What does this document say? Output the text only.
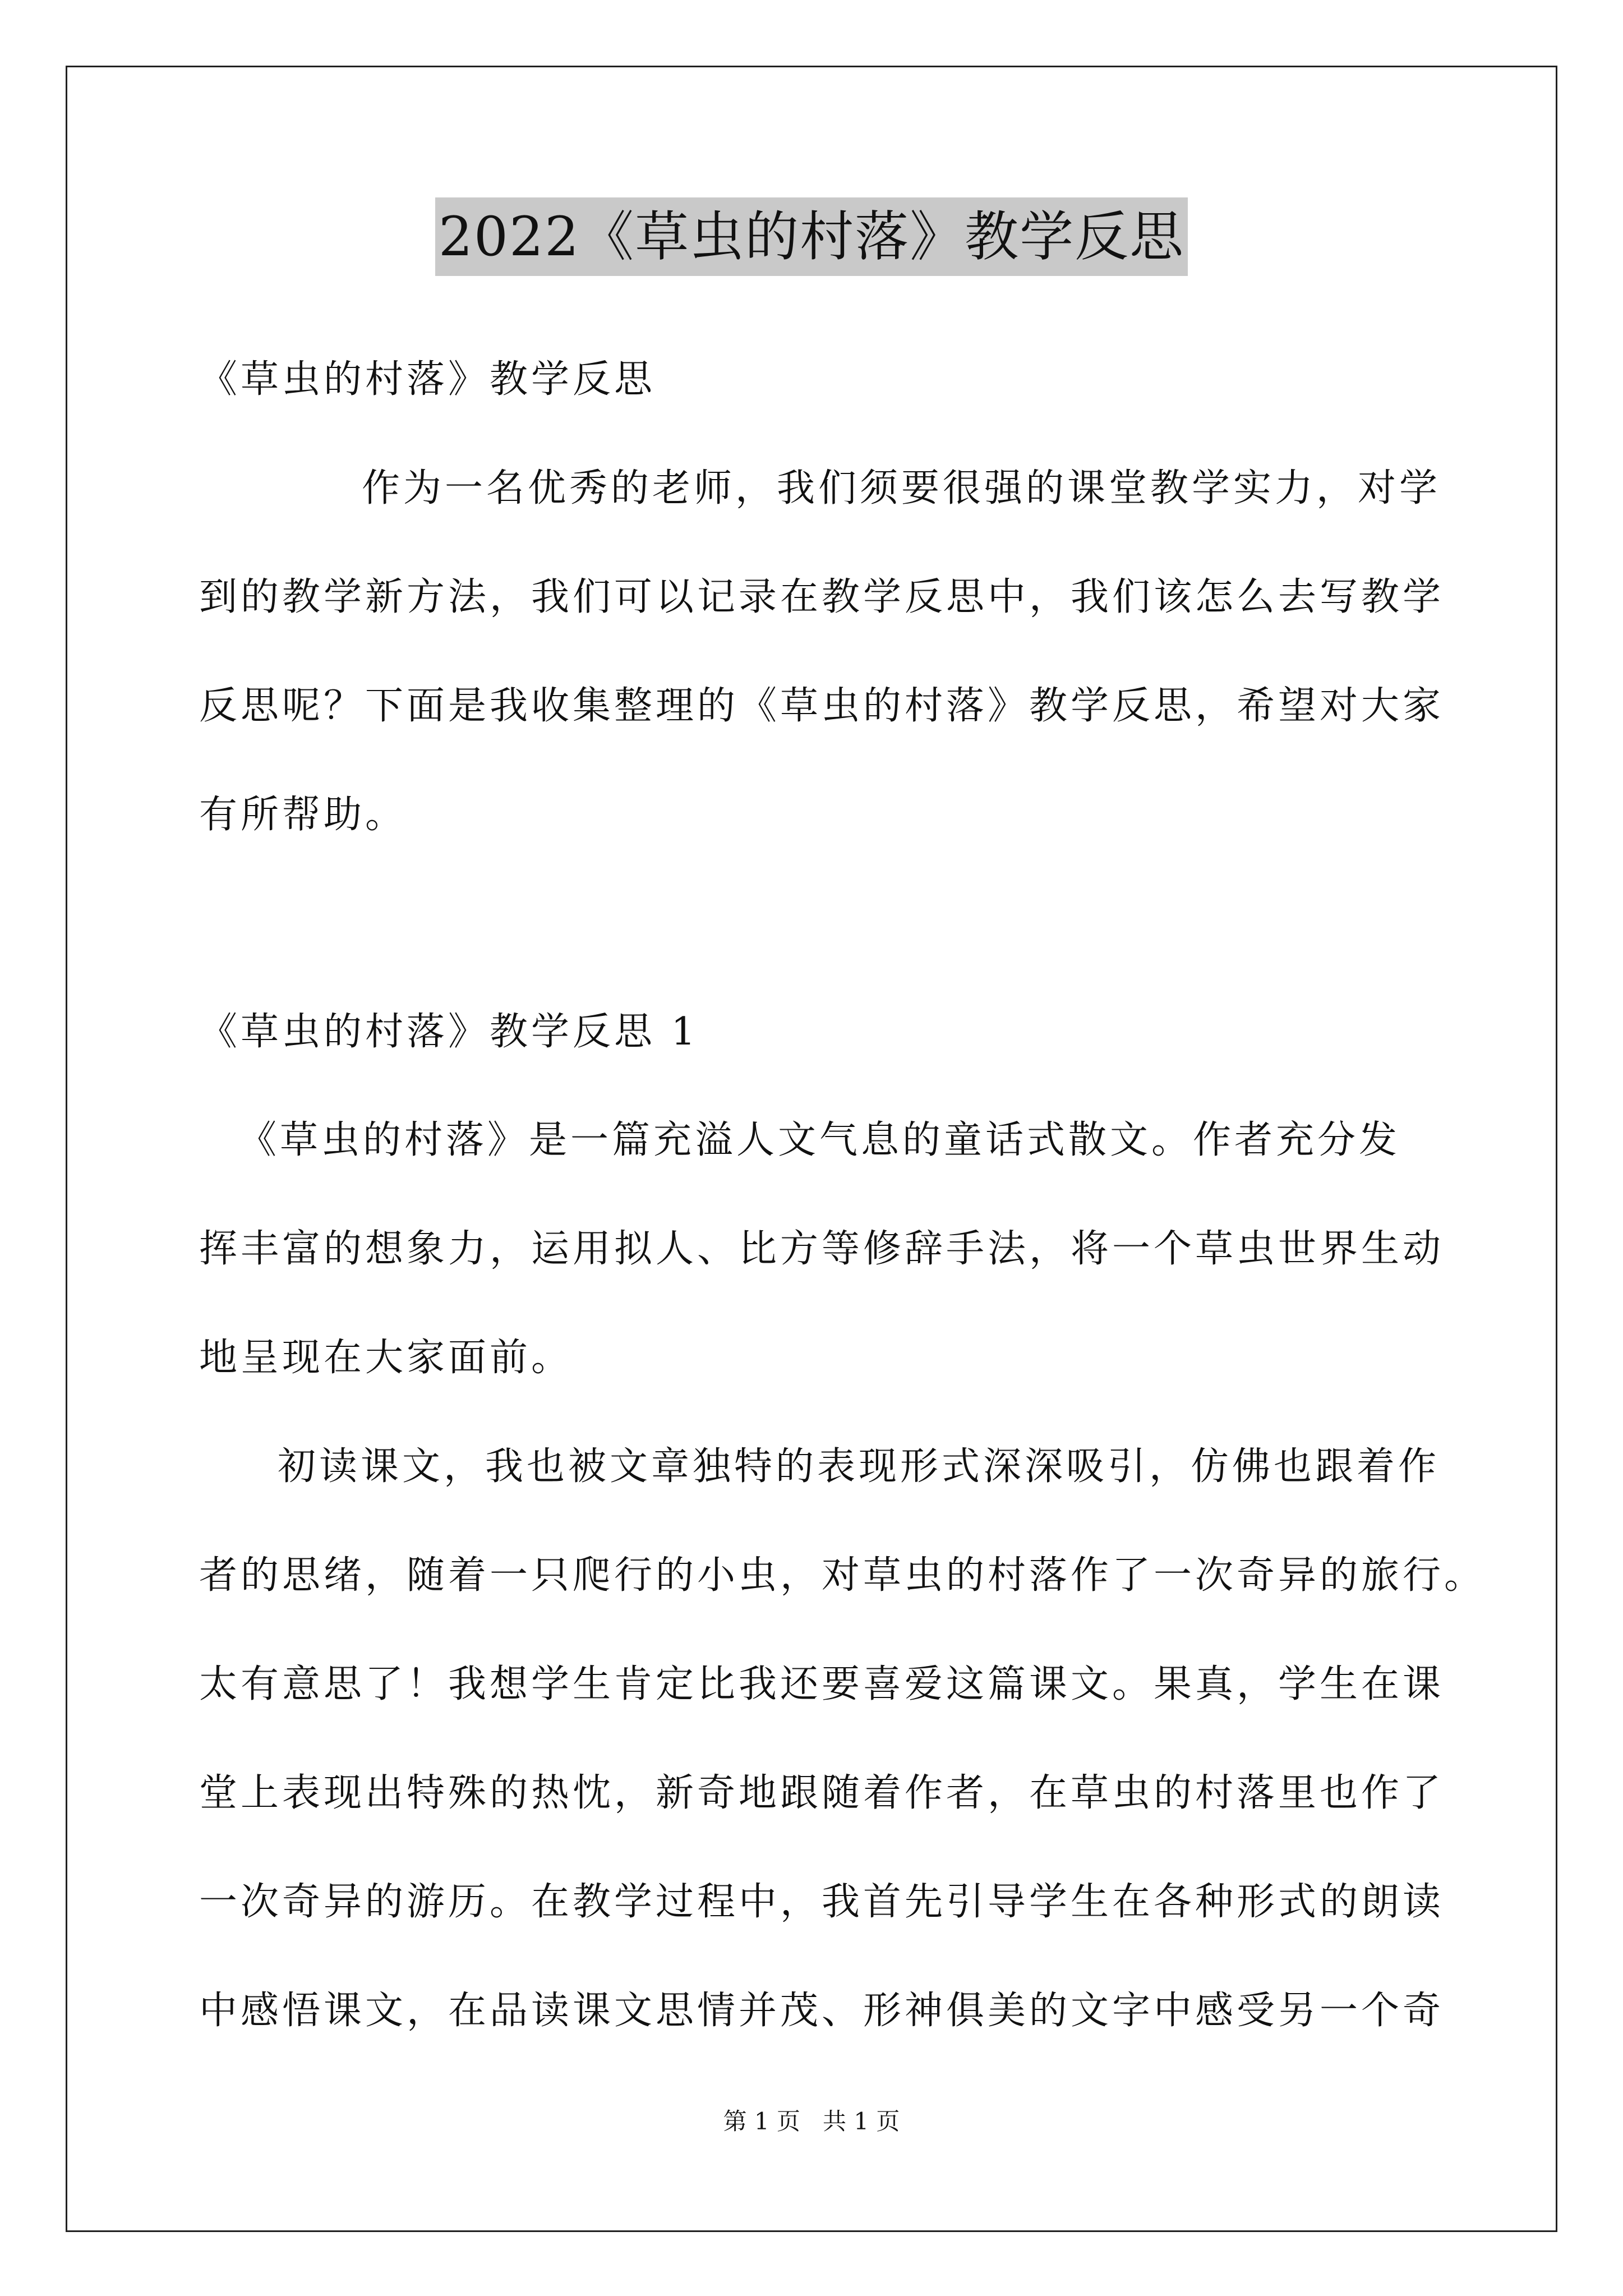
2022《草虫的村落》教学反思
《草虫的村落》教学反思
作为一名优秀的老师，我们须要很强的课堂教学实力，对学
到的教学新方法，我们可以记录在教学反思中，我们该怎么去写教学
反思呢？下面是我收集整理的《草虫的村落》教学反思，希望对大家
有所帮助。
《草虫的村落》教学反思 1
《草虫的村落》是一篇充溢人文气息的童话式散文。作者充分发
挥丰富的想象力，运用拟人、比方等修辞手法，将一个草虫世界生动
地呈现在大家面前。
初读课文，我也被文章独特的表现形式深深吸引，仿佛也跟着作
者的思绪，随着一只爬行的小虫，对草虫的村落作了一次奇异的旅行。
太有意思了！我想学生肯定比我还要喜爱这篇课文。果真，学生在课
堂上表现出特殊的热忱，新奇地跟随着作者，在草虫的村落里也作了
一次奇异的游历。在教学过程中，我首先引导学生在各种形式的朗读
中感悟课文，在品读课文思情并茂、形神俱美的文字中感受另一个奇
第 1 页 共 1 页
